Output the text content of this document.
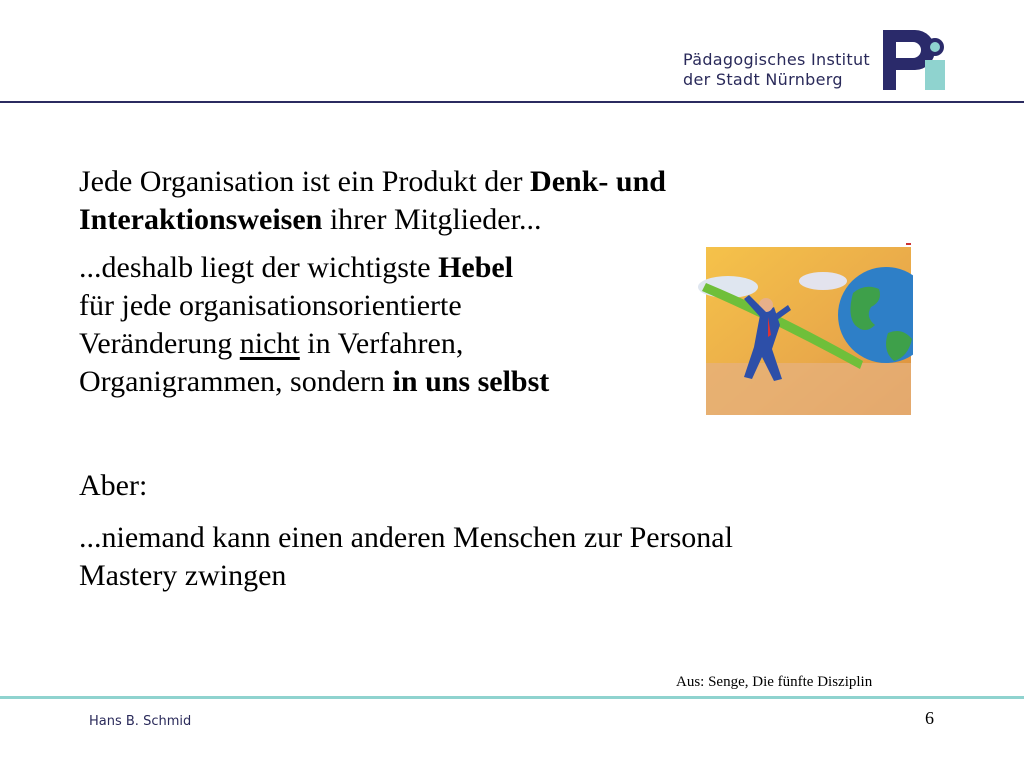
Pädagogisches Institut
der Stadt Nürnberg

Jede Organisation ist ein Produkt der Denk- und
Interaktionsweisen ihrer Mitglieder...

...deshalb liegt der wichtigste Hebel
für jede organisationsorientierte
Veränderung nicht in Verfahren,
Organigrammen, sondern in uns selbst

Aber:

...niemand kann einen anderen Menschen zur Personal
Mastery zwingen

Aus: Senge, Die fünfte Disziplin
Hans B. Schmid	6
